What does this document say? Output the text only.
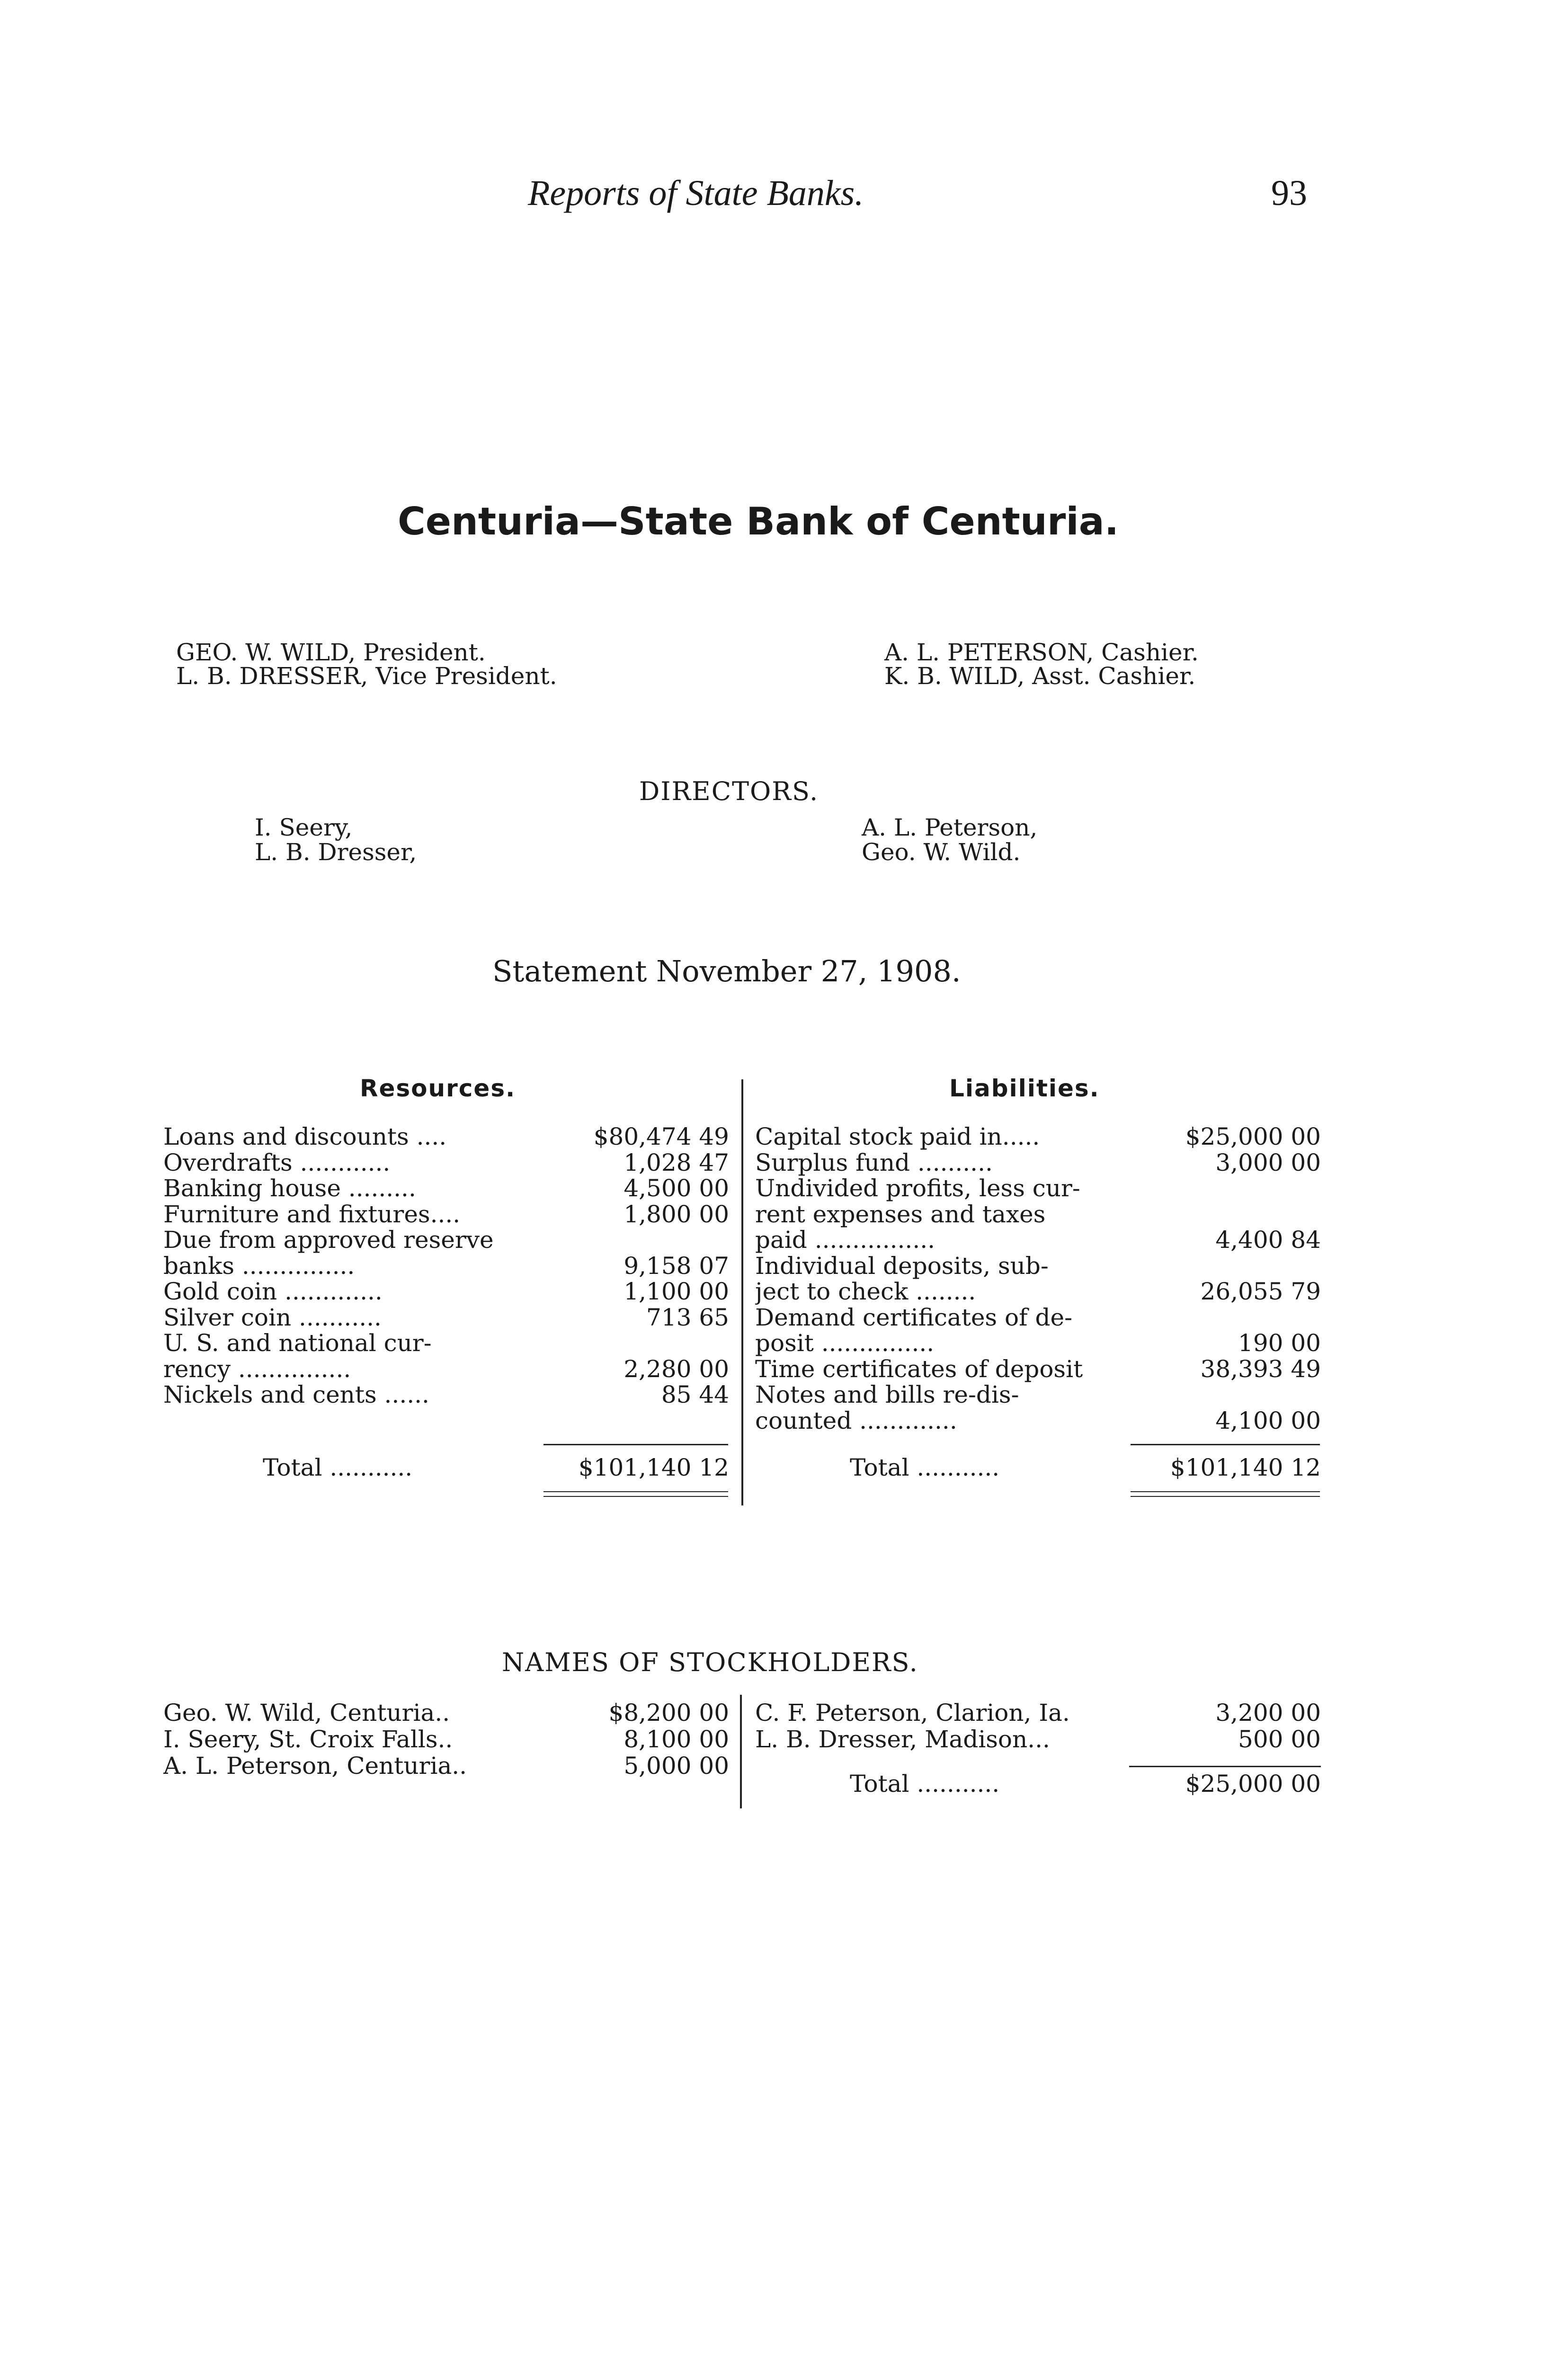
Reports of State Banks.	93
Centuria—State Bank of Centuria.
GEO. W. WILD, President.
L. B. DRESSER, Vice President.
A. L. PETERSON, Cashier.
K. B. WILD, Asst. Cashier.
DIRECTORS.
I. Seery,
L. B. Dresser,
A. L. Peterson,
Geo. W. Wild.
Statement November 27, 1908.
Resources.	Liabilities.
Loans and discounts ....	$80,474 49
Overdrafts ............	1,028 47
Banking house .........	4,500 00
Furniture and fixtures....	1,800 00
Due from approved reserve
banks ...............	9,158 07
Gold coin .............	1,100 00
Silver coin ...........	713 65
U. S. and national cur-
rency ...............	2,280 00
Nickels and cents ......	85 44
Capital stock paid in.....	$25,000 00
Surplus fund ..........	3,000 00
Undivided profits, less cur-
rent expenses and taxes
paid ................	4,400 84
Individual deposits, sub-
ject to check ........	26,055 79
Demand certificates of de-
posit ...............	190 00
Time certificates of deposit	38,393 49
Notes and bills re-dis-
counted .............	4,100 00
Total ...........	$101,140 12	Total ...........	$101,140 12
NAMES OF STOCKHOLDERS.
Geo. W. Wild, Centuria..	$8,200 00
I. Seery, St. Croix Falls..	8,100 00
A. L. Peterson, Centuria..	5,000 00
C. F. Peterson, Clarion, Ia.	3,200 00
L. B. Dresser, Madison...	500 00
Total ...........	$25,000 00
